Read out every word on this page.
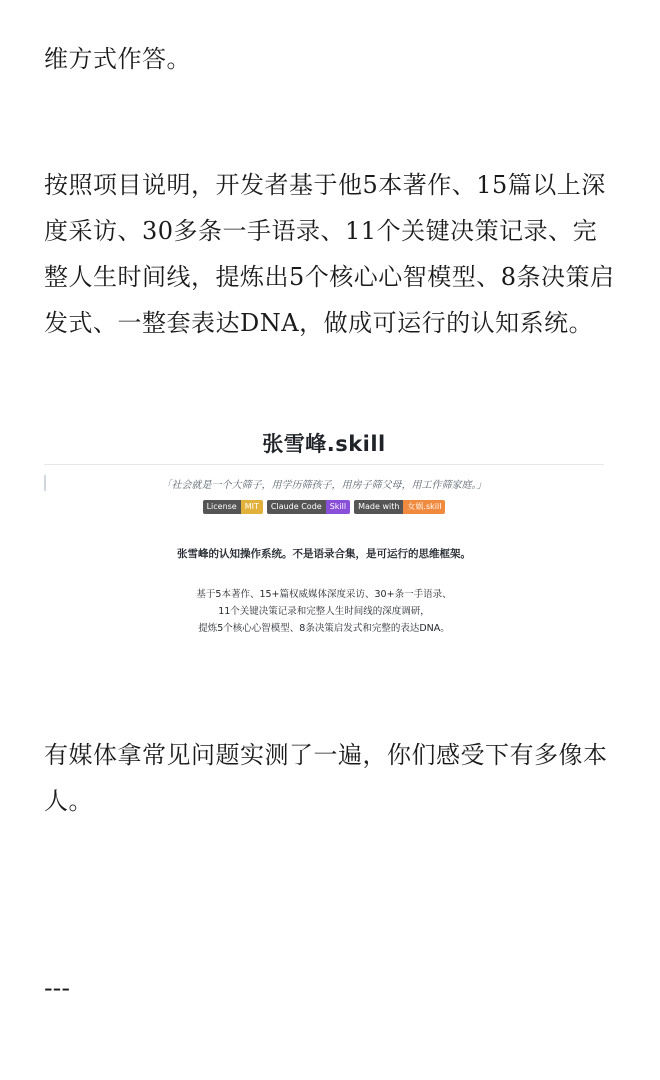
维方式作答。

按照项目说明，开发者基于他5本著作、15篇以上深度采访、30多条一手语录、11个关键决策记录、完整人生时间线，提炼出5个核心心智模型、8条决策启发式、一整套表达DNA，做成可运行的认知系统。

张雪峰.skill
「社会就是一个大筛子，用学历筛孩子，用房子筛父母，用工作筛家庭。」
License	MIT	Claude Code	Skill	Made with	女娲.skill
张雪峰的认知操作系统。不是语录合集，是可运行的思维框架。
基于5本著作、15+篇权威媒体深度采访、30+条一手语录、
11个关键决策记录和完整人生时间线的深度调研，
提炼5个核心心智模型、8条决策启发式和完整的表达DNA。

有媒体拿常见问题实测了一遍，你们感受下有多像本人。

---
